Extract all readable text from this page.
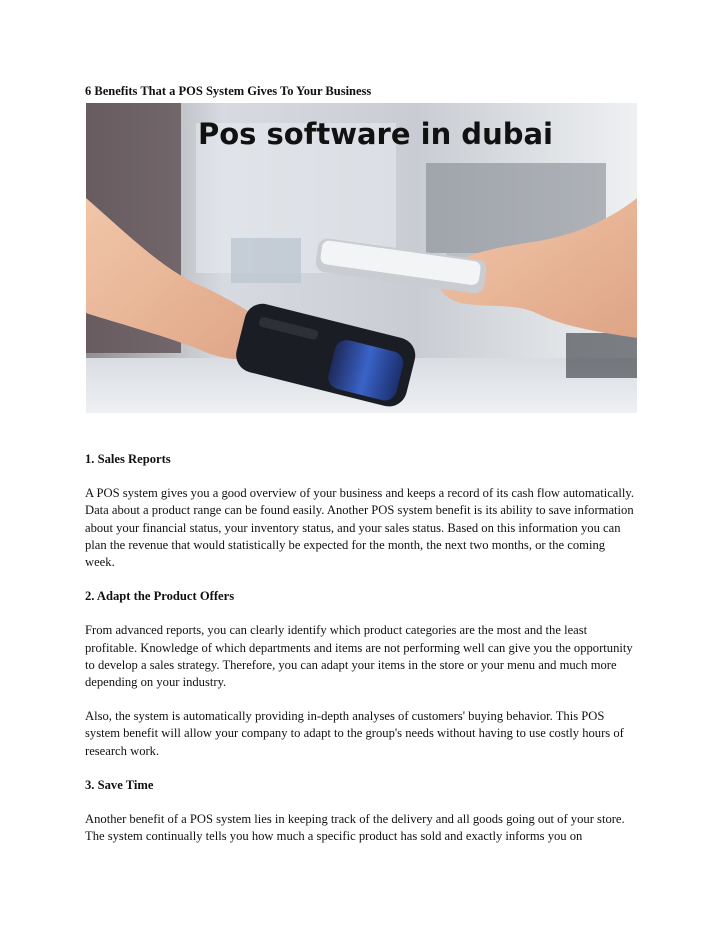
6 Benefits That a POS System Gives To Your Business
Pos software in dubai
1. Sales Reports

A POS system gives you a good overview of your business and keeps a record of its cash flow automatically. Data about a product range can be found easily. Another POS system benefit is its ability to save information about your financial status, your inventory status, and your sales status. Based on this information you can plan the revenue that would statistically be expected for the month, the next two months, or the coming week.

2. Adapt the Product Offers

From advanced reports, you can clearly identify which product categories are the most and the least profitable. Knowledge of which departments and items are not performing well can give you the opportunity to develop a sales strategy. Therefore, you can adapt your items in the store or your menu and much more depending on your industry.

Also, the system is automatically providing in-depth analyses of customers' buying behavior. This POS system benefit will allow your company to adapt to the group's needs without having to use costly hours of research work.

3. Save Time

Another benefit of a POS system lies in keeping track of the delivery and all goods going out of your store. The system continually tells you how much a specific product has sold and exactly informs you on
